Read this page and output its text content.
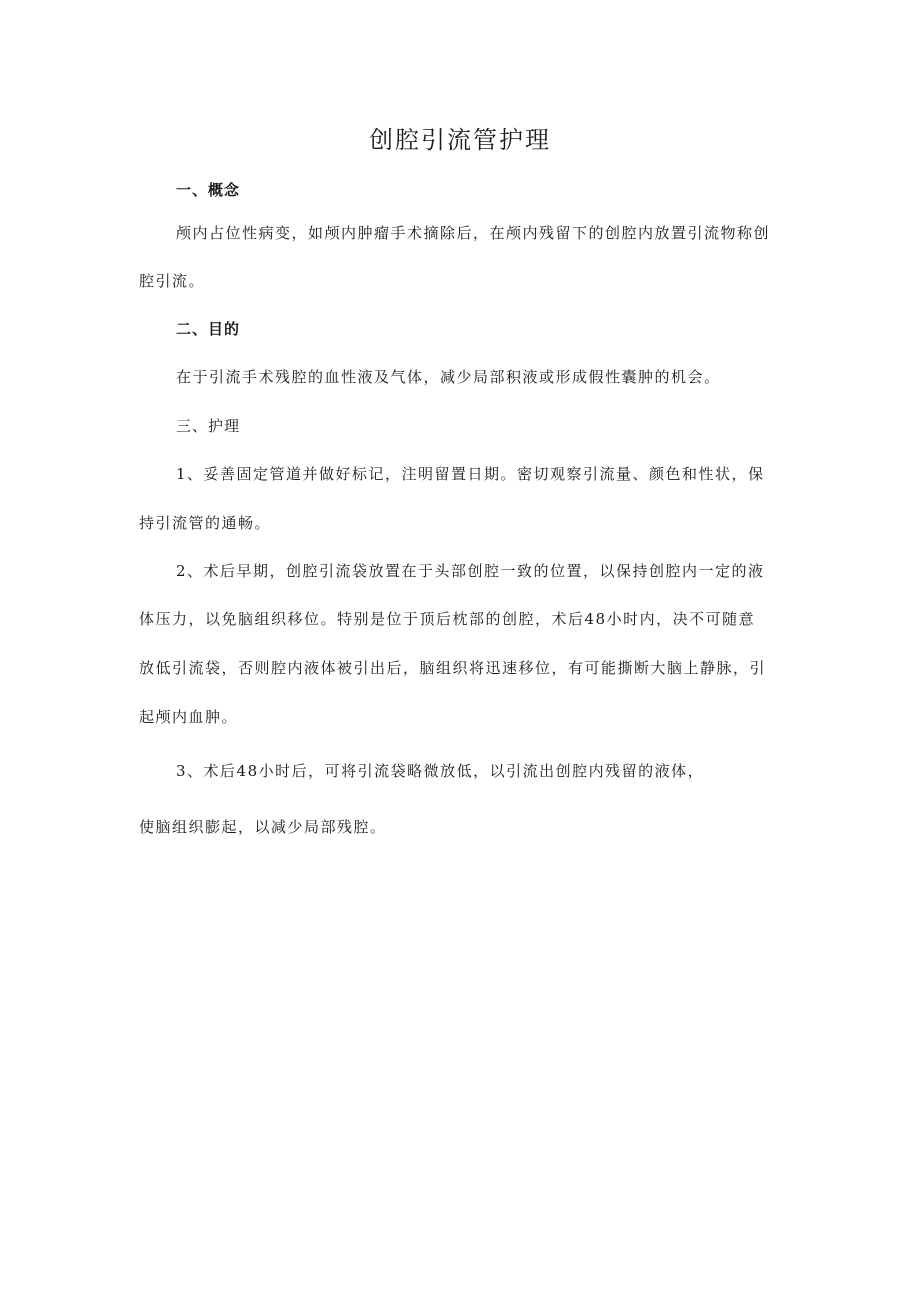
创腔引流管护理

一、概念

颅内占位性病变，如颅内肿瘤手术摘除后，在颅内残留下的创腔内放置引流物称创

腔引流。

二、目的

在于引流手术残腔的血性液及气体，减少局部积液或形成假性囊肿的机会。

三、护理

1、妥善固定管道并做好标记，注明留置日期。密切观察引流量、颜色和性状，保

持引流管的通畅。

2、术后早期，创腔引流袋放置在于头部创腔一致的位置，以保持创腔内一定的液

体压力，以免脑组织移位。特别是位于顶后枕部的创腔，术后48小时内，决不可随意

放低引流袋，否则腔内液体被引出后，脑组织将迅速移位，有可能撕断大脑上静脉，引

起颅内血肿。

3、术后48小时后，可将引流袋略微放低，以引流出创腔内残留的液体，

使脑组织膨起，以减少局部残腔。
